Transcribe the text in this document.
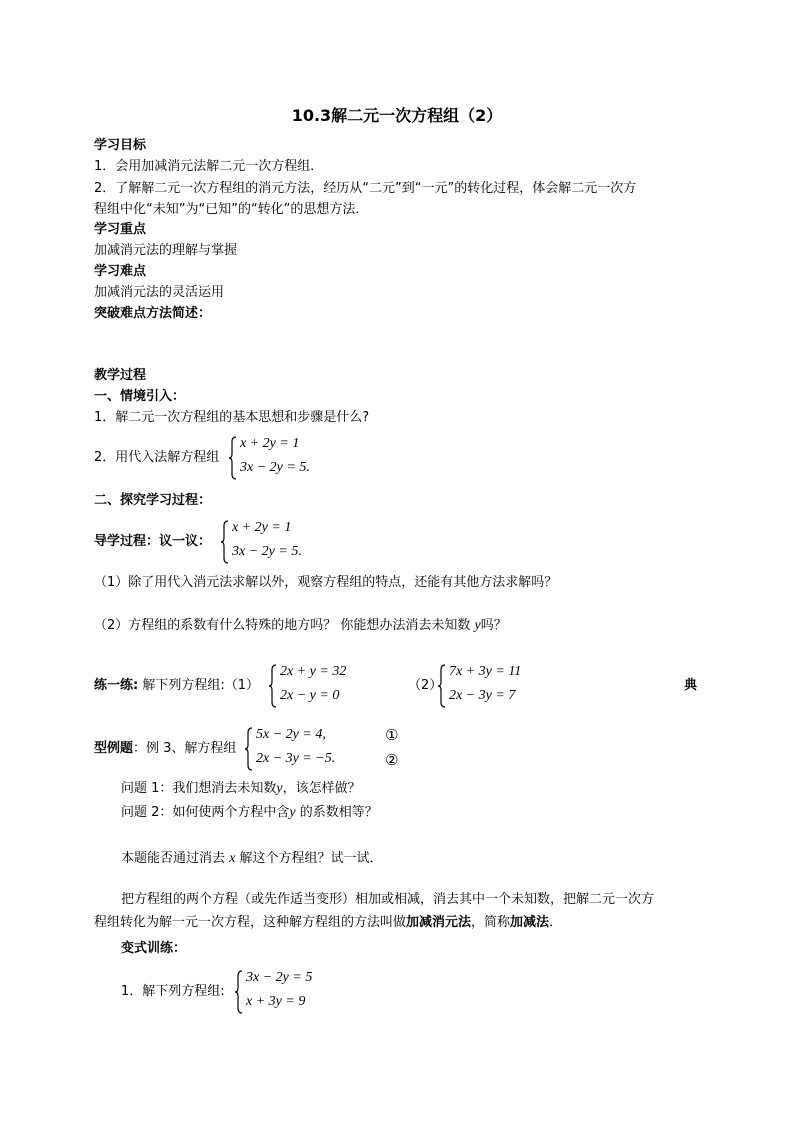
10.3解二元一次方程组（2）
学习目标
1．会用加减消元法解二元一次方程组．
2．了解解二元一次方程组的消元方法，经历从“二元”到“一元”的转化过程，体会解二元一次方
程组中化“未知”为“已知”的“转化”的思想方法．
学习重点
加减消元法的理解与掌握
学习难点
加减消元法的灵活运用
突破难点方法简述：
教学过程
一、情境引入：
1．解二元一次方程组的基本思想和步骤是什么?
2．用代入法解方程组
x + 2y = 1
3x − 2y = 5.
二、探究学习过程：
导学过程：议一议：
x + 2y = 1
3x − 2y = 5.
（1）除了用代入消元法求解以外，观察方程组的特点，还能有其他方法求解吗？
（2）方程组的系数有什么特殊的地方吗？ 你能想办法消去未知数 y吗？
练一练: 解下列方程组:（1）
2x + y = 32
2x − y = 0
（2）
7x + 3y = 11
2x − 3y = 7
典
型例题：例 3、解方程组
5x − 2y = 4,
2x − 3y = −5.
①
②
问题 1：我们想消去未知数y，该怎样做？
问题 2：如何使两个方程中含y 的系数相等？
本题能否通过消去 x 解这个方程组？试一试．
把方程组的两个方程（或先作适当变形）相加或相减，消去其中一个未知数，把解二元一次方
程组转化为解一元一次方程，这种解方程组的方法叫做加减消元法，简称加减法．
变式训练：
1．解下列方程组:
3x − 2y = 5
x + 3y = 9
